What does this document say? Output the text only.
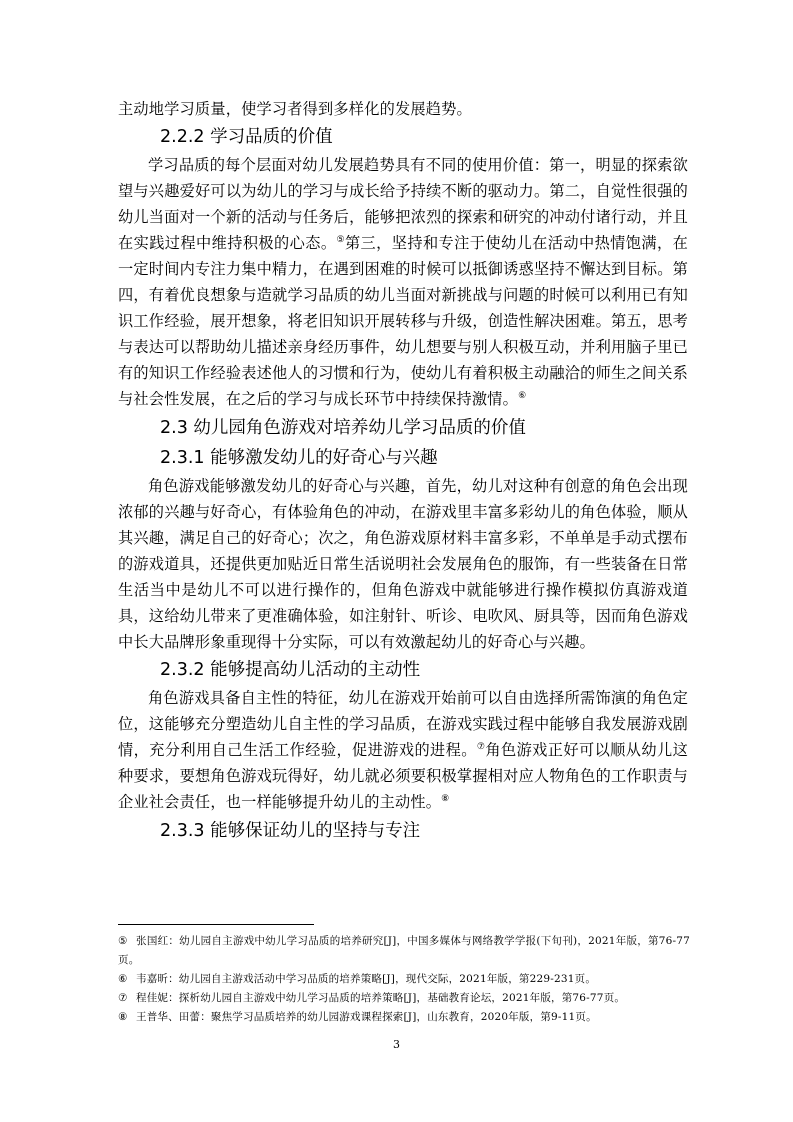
主动地学习质量，使学习者得到多样化的发展趋势。

2.2.2 学习品质的价值

学习品质的每个层面对幼儿发展趋势具有不同的使用价值：第一，明显的探索欲望与兴趣爱好可以为幼儿的学习与成长给予持续不断的驱动力。第二，自觉性很强的幼儿当面对一个新的活动与任务后，能够把浓烈的探索和研究的冲动付诸行动，并且在实践过程中维持积极的心态。⑤第三，坚持和专注于使幼儿在活动中热情饱满，在一定时间内专注力集中精力，在遇到困难的时候可以抵御诱惑坚持不懈达到目标。第四，有着优良想象与造就学习品质的幼儿当面对新挑战与问题的时候可以利用已有知识工作经验，展开想象，将老旧知识开展转移与升级，创造性解决困难。第五，思考与表达可以帮助幼儿描述亲身经历事件，幼儿想要与别人积极互动，并利用脑子里已有的知识工作经验表述他人的习惯和行为，使幼儿有着积极主动融洽的师生之间关系与社会性发展，在之后的学习与成长环节中持续保持激情。⑥

2.3 幼儿园角色游戏对培养幼儿学习品质的价值
2.3.1 能够激发幼儿的好奇心与兴趣

角色游戏能够激发幼儿的好奇心与兴趣，首先，幼儿对这种有创意的角色会出现浓郁的兴趣与好奇心，有体验角色的冲动，在游戏里丰富多彩幼儿的角色体验，顺从其兴趣，满足自己的好奇心；次之，角色游戏原材料丰富多彩，不单单是手动式摆布的游戏道具，还提供更加贴近日常生活说明社会发展角色的服饰，有一些装备在日常生活当中是幼儿不可以进行操作的，但角色游戏中就能够进行操作模拟仿真游戏道具，这给幼儿带来了更准确体验，如注射针、听诊、电吹风、厨具等，因而角色游戏中长大品牌形象重现得十分实际，可以有效激起幼儿的好奇心与兴趣。

2.3.2 能够提高幼儿活动的主动性

角色游戏具备自主性的特征，幼儿在游戏开始前可以自由选择所需饰演的角色定位，这能够充分塑造幼儿自主性的学习品质，在游戏实践过程中能够自我发展游戏剧情，充分利用自己生活工作经验，促进游戏的进程。⑦角色游戏正好可以顺从幼儿这种要求，要想角色游戏玩得好，幼儿就必须要积极掌握相对应人物角色的工作职责与企业社会责任，也一样能够提升幼儿的主动性。⑧

2.3.3 能够保证幼儿的坚持与专注

⑤ 张国红：幼儿园自主游戏中幼儿学习品质的培养研究[J]，中国多媒体与网络教学学报(下旬刊)，2021年版，第76-77页。

⑥ 韦嘉昕：幼儿园自主游戏活动中学习品质的培养策略[J]，现代交际，2021年版，第229-231页。

⑦ 程佳妮：探析幼儿园自主游戏中幼儿学习品质的培养策略[J]，基础教育论坛，2021年版，第76-77页。

⑧ 王普华、田蕾：聚焦学习品质培养的幼儿园游戏课程探索[J]，山东教育，2020年版，第9-11页。

3
